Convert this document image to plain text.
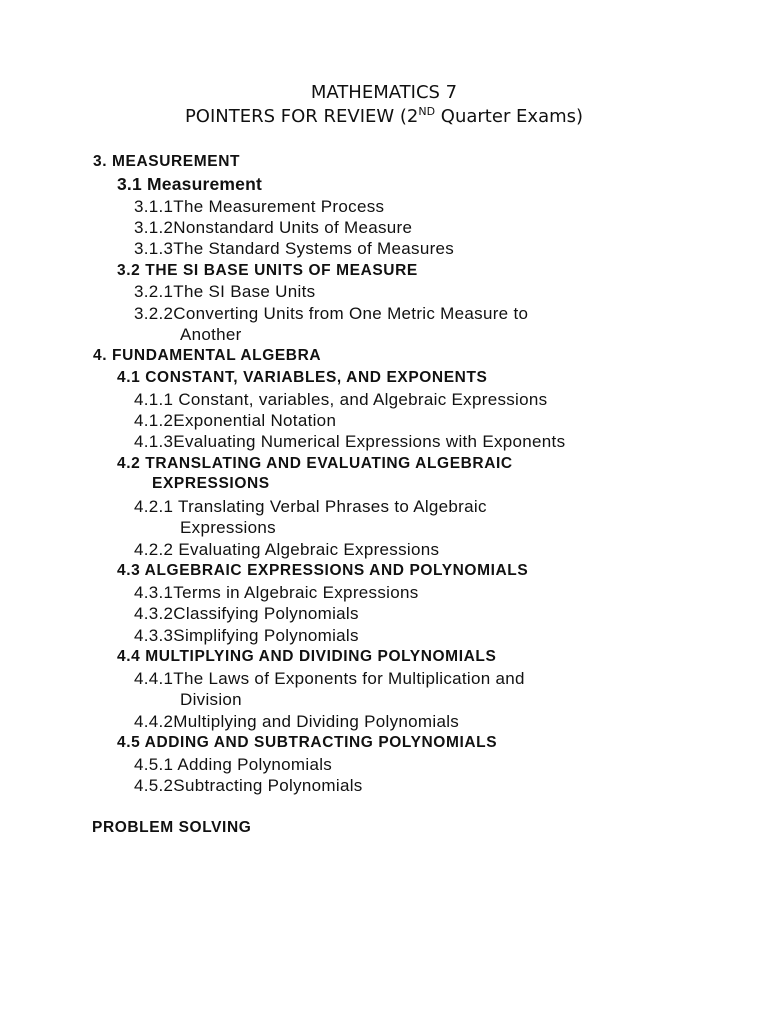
MATHEMATICS 7
POINTERS FOR REVIEW (2ND Quarter Exams)
3. MEASUREMENT
3.1 Measurement
3.1.1The Measurement Process
3.1.2Nonstandard Units of Measure
3.1.3The Standard Systems of Measures
3.2 THE SI BASE UNITS OF MEASURE
3.2.1The SI Base Units
3.2.2Converting Units from One Metric Measure to
Another
4. FUNDAMENTAL ALGEBRA
4.1 CONSTANT, VARIABLES, AND EXPONENTS
4.1.1 Constant, variables, and Algebraic Expressions
4.1.2Exponential Notation
4.1.3Evaluating Numerical Expressions with Exponents
4.2 TRANSLATING AND EVALUATING ALGEBRAIC
EXPRESSIONS
4.2.1 Translating Verbal Phrases to Algebraic
Expressions
4.2.2 Evaluating Algebraic Expressions
4.3 ALGEBRAIC EXPRESSIONS AND POLYNOMIALS
4.3.1Terms in Algebraic Expressions
4.3.2Classifying Polynomials
4.3.3Simplifying Polynomials
4.4 MULTIPLYING AND DIVIDING POLYNOMIALS
4.4.1The Laws of Exponents for Multiplication and
Division
4.4.2Multiplying and Dividing Polynomials
4.5 ADDING AND SUBTRACTING POLYNOMIALS
4.5.1 Adding Polynomials
4.5.2Subtracting Polynomials
PROBLEM SOLVING
